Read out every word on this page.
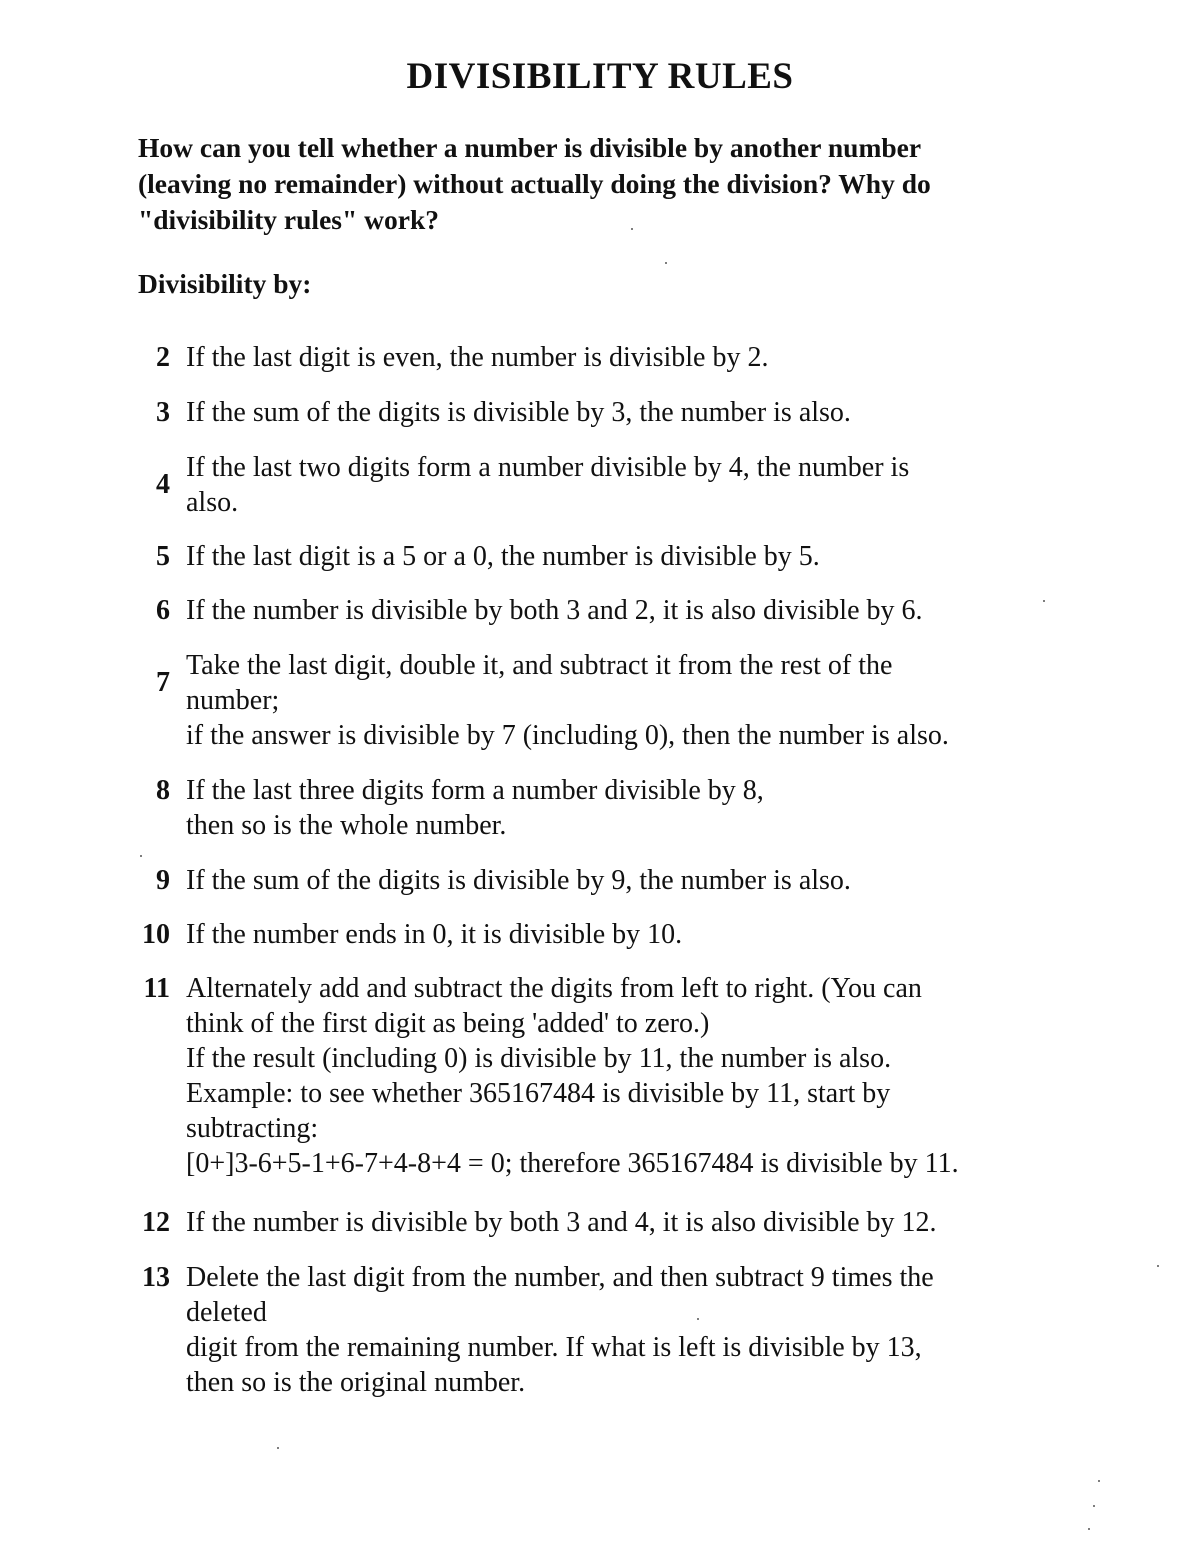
DIVISIBILITY RULES
How can you tell whether a number is divisible by another number
(leaving no remainder) without actually doing the division? Why do
"divisibility rules" work?
Divisibility by:
2 If the last digit is even, the number is divisible by 2.
3 If the sum of the digits is divisible by 3, the number is also.
4
If the last two digits form a number divisible by 4, the number is
also.
5 If the last digit is a 5 or a 0, the number is divisible by 5.
6 If the number is divisible by both 3 and 2, it is also divisible by 6.
7
Take the last digit, double it, and subtract it from the rest of the
number;
if the answer is divisible by 7 (including 0), then the number is also.
8 If the last three digits form a number divisible by 8,
then so is the whole number.
9 If the sum of the digits is divisible by 9, the number is also.
10 If the number ends in 0, it is divisible by 10.
11 Alternately add and subtract the digits from left to right. (You can
think of the first digit as being 'added' to zero.)
If the result (including 0) is divisible by 11, the number is also.
Example: to see whether 365167484 is divisible by 11, start by
subtracting:
[0+]3-6+5-1+6-7+4-8+4 = 0; therefore 365167484 is divisible by 11.
12 If the number is divisible by both 3 and 4, it is also divisible by 12.
13 Delete the last digit from the number, and then subtract 9 times the
deleted
digit from the remaining number. If what is left is divisible by 13,
then so is the original number.
